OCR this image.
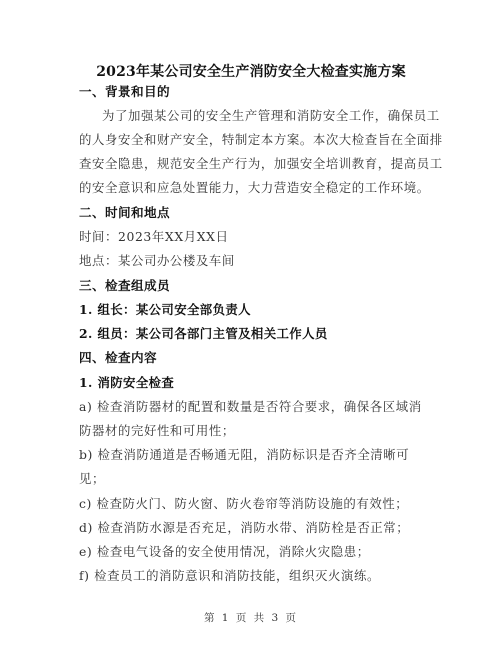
2023年某公司安全生产消防安全大检查实施方案
一、背景和目的
为了加强某公司的安全生产管理和消防安全工作，确保员工
的人身安全和财产安全，特制定本方案。本次大检查旨在全面排
查安全隐患，规范安全生产行为，加强安全培训教育，提高员工
的安全意识和应急处置能力，大力营造安全稳定的工作环境。
二、时间和地点
时间：2023年XX月XX日
地点：某公司办公楼及车间
三、检查组成员
1. 组长：某公司安全部负责人
2. 组员：某公司各部门主管及相关工作人员
四、检查内容
1. 消防安全检查
a) 检查消防器材的配置和数量是否符合要求，确保各区域消
防器材的完好性和可用性；
b) 检查消防通道是否畅通无阻，消防标识是否齐全清晰可
见；
c) 检查防火门、防火窗、防火卷帘等消防设施的有效性；
d) 检查消防水源是否充足，消防水带、消防栓是否正常；
e) 检查电气设备的安全使用情况，消除火灾隐患；
f) 检查员工的消防意识和消防技能，组织灭火演练。
第 1 页 共 3 页
